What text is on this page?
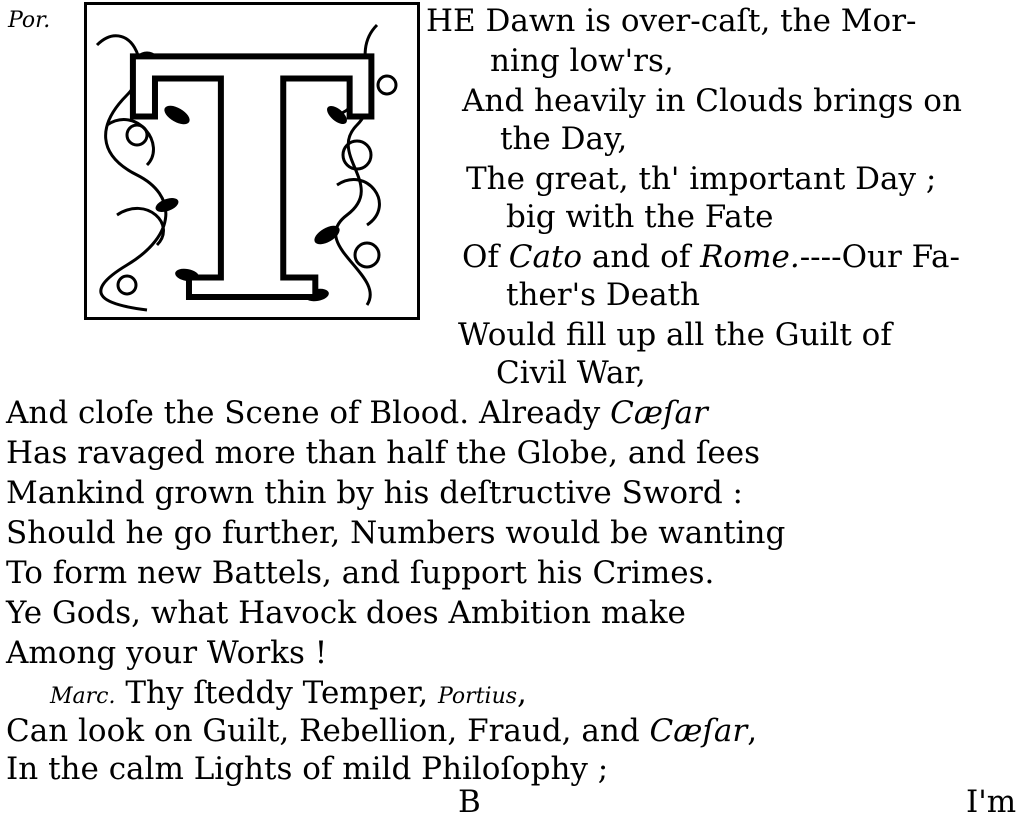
Por. T HE Dawn is over-caſt, the Mor-
ning low'rs,
And heavily in Clouds brings on
the Day,
The great, th' important Day ;
big with the Fate
Of Cato and of Rome.----Our Fa-
ther's Death
Would fill up all the Guilt of
Civil War,
And cloſe the Scene of Blood. Already Cæſar
Has ravaged more than half the Globe, and ſees
Mankind grown thin by his deſtructive Sword :
Should he go further, Numbers would be wanting
To form new Battels, and ſupport his Crimes.
Ye Gods, what Havock does Ambition make
Among your Works !
Marc. Thy ſteddy Temper, Portius,
Can look on Guilt, Rebellion, Fraud, and Cæſar,
In the calm Lights of mild Philoſophy ;
B	I'm
